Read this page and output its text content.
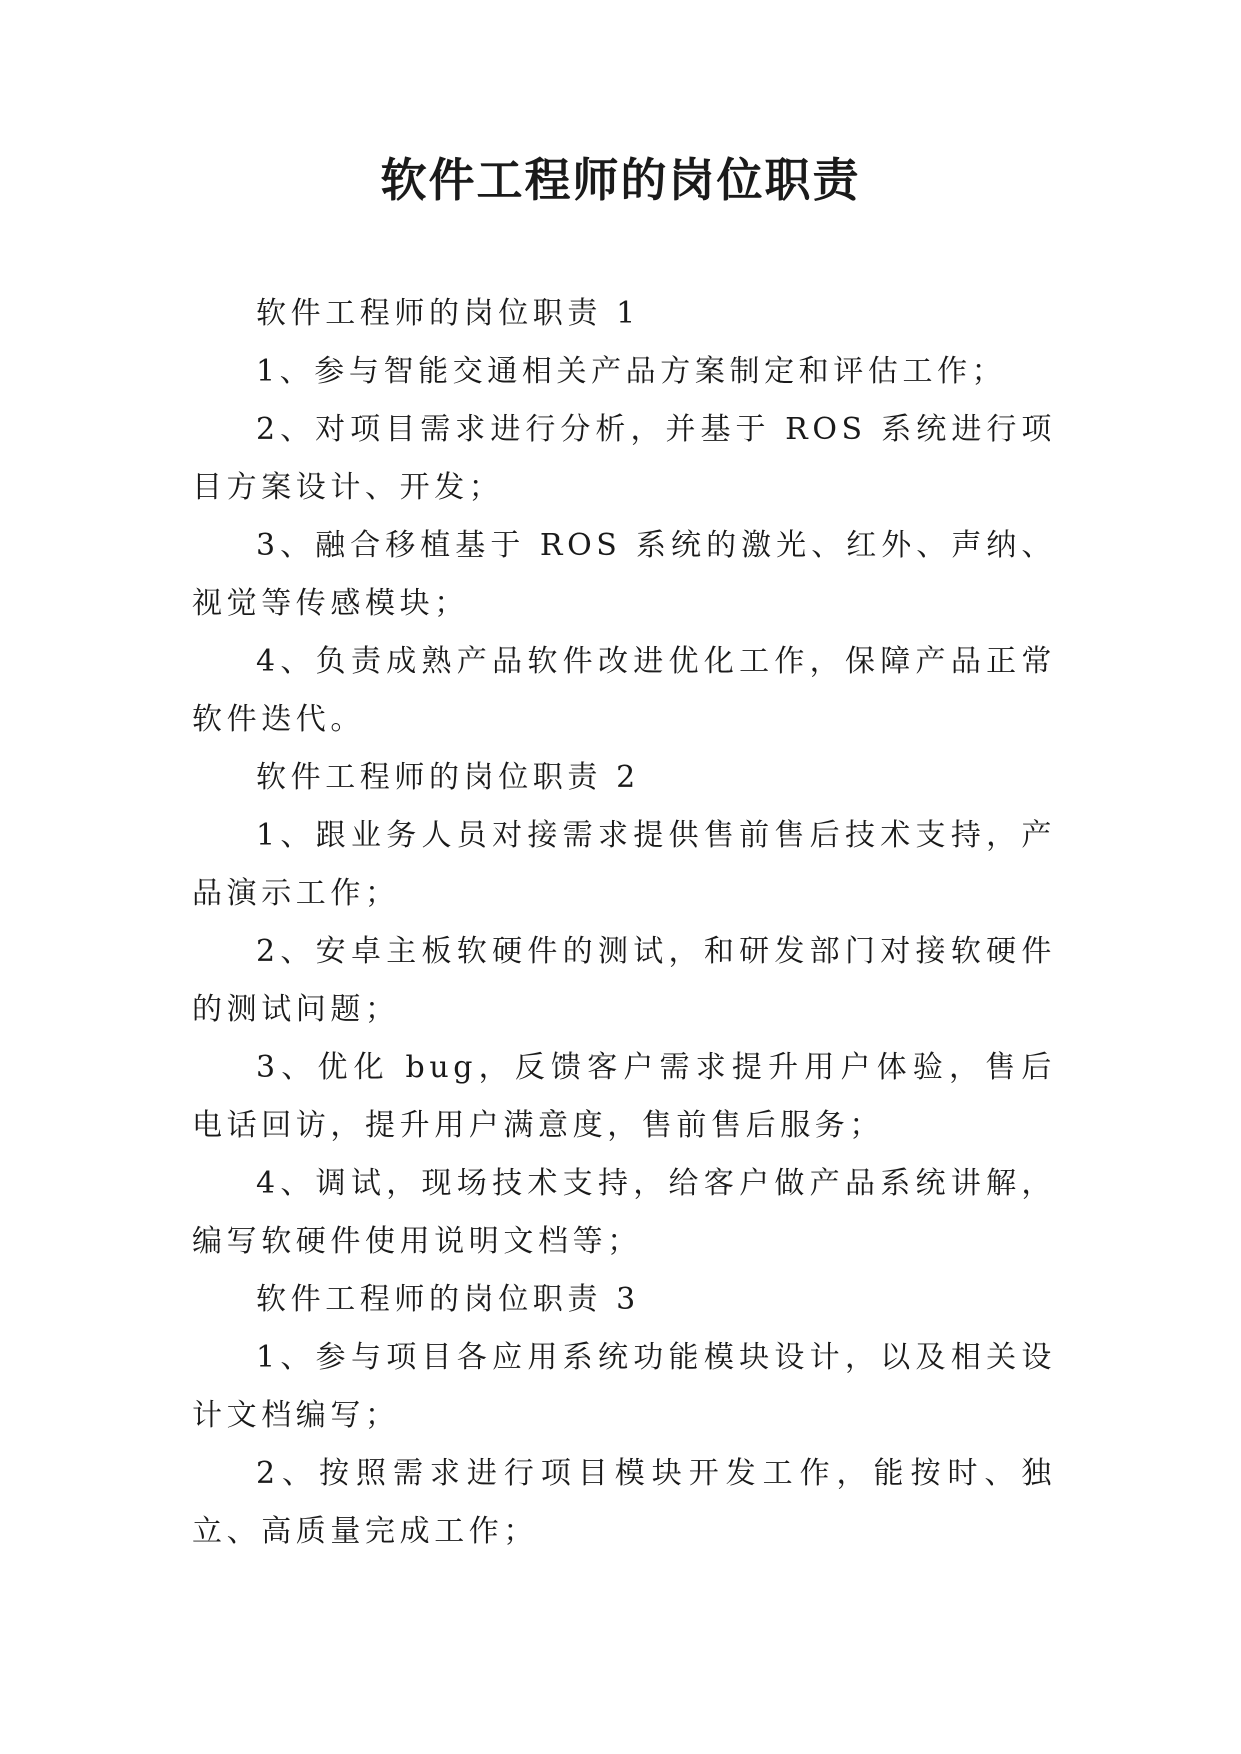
软件工程师的岗位职责

软件工程师的岗位职责 1

1、参与智能交通相关产品方案制定和评估工作；

2、对项目需求进行分析，并基于 ROS 系统进行项目方案设计、开发；

3、融合移植基于 ROS 系统的激光、红外、声纳、视觉等传感模块；

4、负责成熟产品软件改进优化工作，保障产品正常软件迭代。

软件工程师的岗位职责 2

1、跟业务人员对接需求提供售前售后技术支持，产品演示工作；

2、安卓主板软硬件的测试，和研发部门对接软硬件的测试问题；

3、优化 bug，反馈客户需求提升用户体验，售后电话回访，提升用户满意度，售前售后服务；

4、调试，现场技术支持，给客户做产品系统讲解，编写软硬件使用说明文档等；

软件工程师的岗位职责 3

1、参与项目各应用系统功能模块设计，以及相关设计文档编写；

2、按照需求进行项目模块开发工作，能按时、独立、高质量完成工作；
